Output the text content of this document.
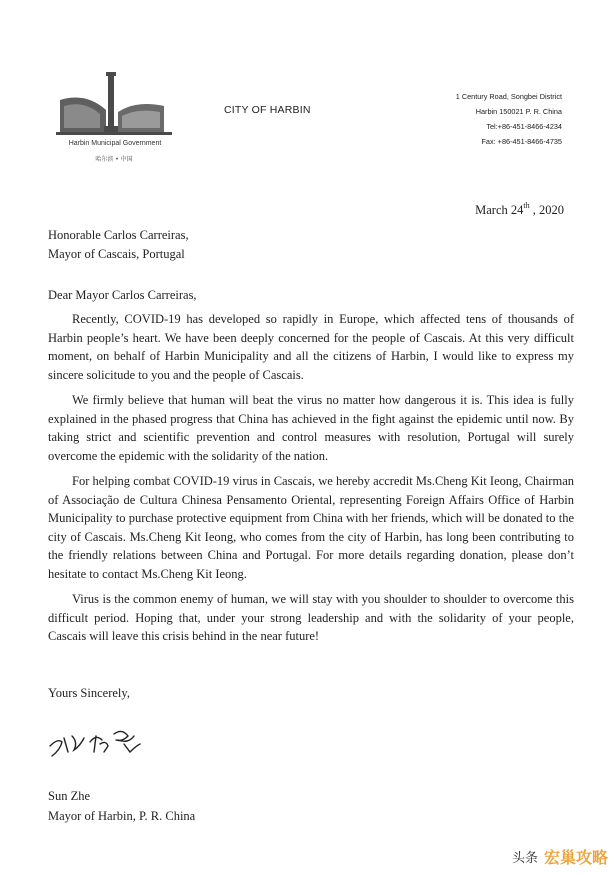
Harbin Municipal Government
哈尔滨 • 中国
CITY OF HARBIN
1 Century Road, Songbei District
Harbin 150021 P. R. China
Tel:+86-451-8466-4234
Fax: +86-451-8466-4735
March 24th , 2020
Honorable Carlos Carreiras,
Mayor of Cascais, Portugal
Dear Mayor Carlos Carreiras,

Recently, COVID-19 has developed so rapidly in Europe, which affected tens of thousands of Harbin people’s heart. We have been deeply concerned for the people of Cascais. At this very difficult moment, on behalf of Harbin Municipality and all the citizens of Harbin, I would like to express my sincere solicitude to you and the people of Cascais.

We firmly believe that human will beat the virus no matter how dangerous it is. This idea is fully explained in the phased progress that China has achieved in the fight against the epidemic until now. By taking strict and scientific prevention and control measures with resolution, Portugal will surely overcome the epidemic with the solidarity of the nation.

For helping combat COVID-19 virus in Cascais, we hereby accredit Ms.Cheng Kit Ieong, Chairman of Associação de Cultura Chinesa Pensamento Oriental, representing Foreign Affairs Office of Harbin Municipality to purchase protective equipment from China with her friends, which will be donated to the city of Cascais. Ms.Cheng Kit Ieong, who comes from the city of Harbin, has long been contributing to the friendly relations between China and Portugal. For more details regarding donation, please don’t hesitate to contact Ms.Cheng Kit Ieong.

Virus is the common enemy of human, we will stay with you shoulder to shoulder to overcome this difficult period. Hoping that, under your strong leadership and with the solidarity of your people, Cascais will leave this crisis behind in the near future!

Yours Sincerely,
Sun Zhe
Mayor of Harbin, P. R. China
头条 宏巢攻略
